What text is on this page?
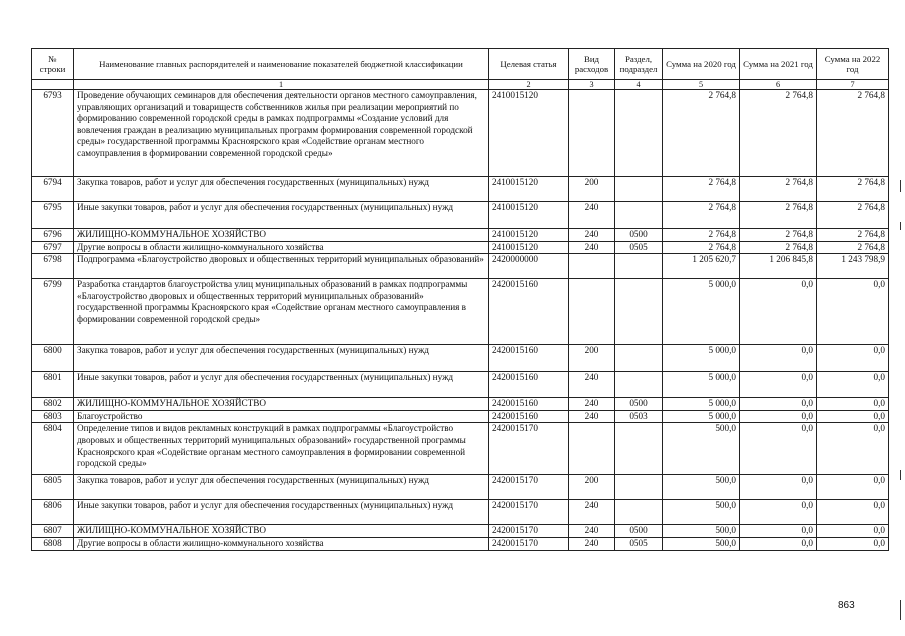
№ строки	Наименование главных распорядителей и наименование показателей бюджетной классификации	Целевая статья	Вид расходов	Раздел, подраздел	Сумма на 2020 год	Сумма на 2021 год	Сумма на 2022 год
	1	2	3	4	5	6	7
6793	Проведение обучающих семинаров для обеспечения деятельности органов местного самоуправления, управляющих организаций и товариществ собственников жилья при реализации мероприятий по формированию современной городской среды в рамках подпрограммы «Создание условий для вовлечения граждан в реализацию муниципальных программ формирования современной городской среды» государственной программы Красноярского края «Содействие органам местного самоуправления в формировании современной городской среды»	2410015120			2 764,8	2 764,8	2 764,8
6794	Закупка товаров, работ и услуг для обеспечения государственных (муниципальных) нужд	2410015120	200		2 764,8	2 764,8	2 764,8
6795	Иные закупки товаров, работ и услуг для обеспечения государственных (муниципальных) нужд	2410015120	240		2 764,8	2 764,8	2 764,8
6796	ЖИЛИЩНО-КОММУНАЛЬНОЕ ХОЗЯЙСТВО	2410015120	240	0500	2 764,8	2 764,8	2 764,8
6797	Другие вопросы в области жилищно-коммунального хозяйства	2410015120	240	0505	2 764,8	2 764,8	2 764,8
6798	Подпрограмма «Благоустройство дворовых и общественных территорий муниципальных образований»	2420000000			1 205 620,7	1 206 845,8	1 243 798,9
6799	Разработка стандартов благоустройства улиц муниципальных образований в рамках подпрограммы «Благоустройство дворовых и общественных территорий муниципальных образований» государственной программы Красноярского края «Содействие органам местного самоуправления в формировании современной городской среды»	2420015160			5 000,0	0,0	0,0
6800	Закупка товаров, работ и услуг для обеспечения государственных (муниципальных) нужд	2420015160	200		5 000,0	0,0	0,0
6801	Иные закупки товаров, работ и услуг для обеспечения государственных (муниципальных) нужд	2420015160	240		5 000,0	0,0	0,0
6802	ЖИЛИЩНО-КОММУНАЛЬНОЕ ХОЗЯЙСТВО	2420015160	240	0500	5 000,0	0,0	0,0
6803	Благоустройство	2420015160	240	0503	5 000,0	0,0	0,0
6804	Определение типов и видов рекламных конструкций в рамках подпрограммы «Благоустройство дворовых и общественных территорий муниципальных образований» государственной программы Красноярского края «Содействие органам местного самоуправления в формировании современной городской среды»	2420015170			500,0	0,0	0,0
6805	Закупка товаров, работ и услуг для обеспечения государственных (муниципальных) нужд	2420015170	200		500,0	0,0	0,0
6806	Иные закупки товаров, работ и услуг для обеспечения государственных (муниципальных) нужд	2420015170	240		500,0	0,0	0,0
6807	ЖИЛИЩНО-КОММУНАЛЬНОЕ ХОЗЯЙСТВО	2420015170	240	0500	500,0	0,0	0,0
6808	Другие вопросы в области жилищно-коммунального хозяйства	2420015170	240	0505	500,0	0,0	0,0
863
